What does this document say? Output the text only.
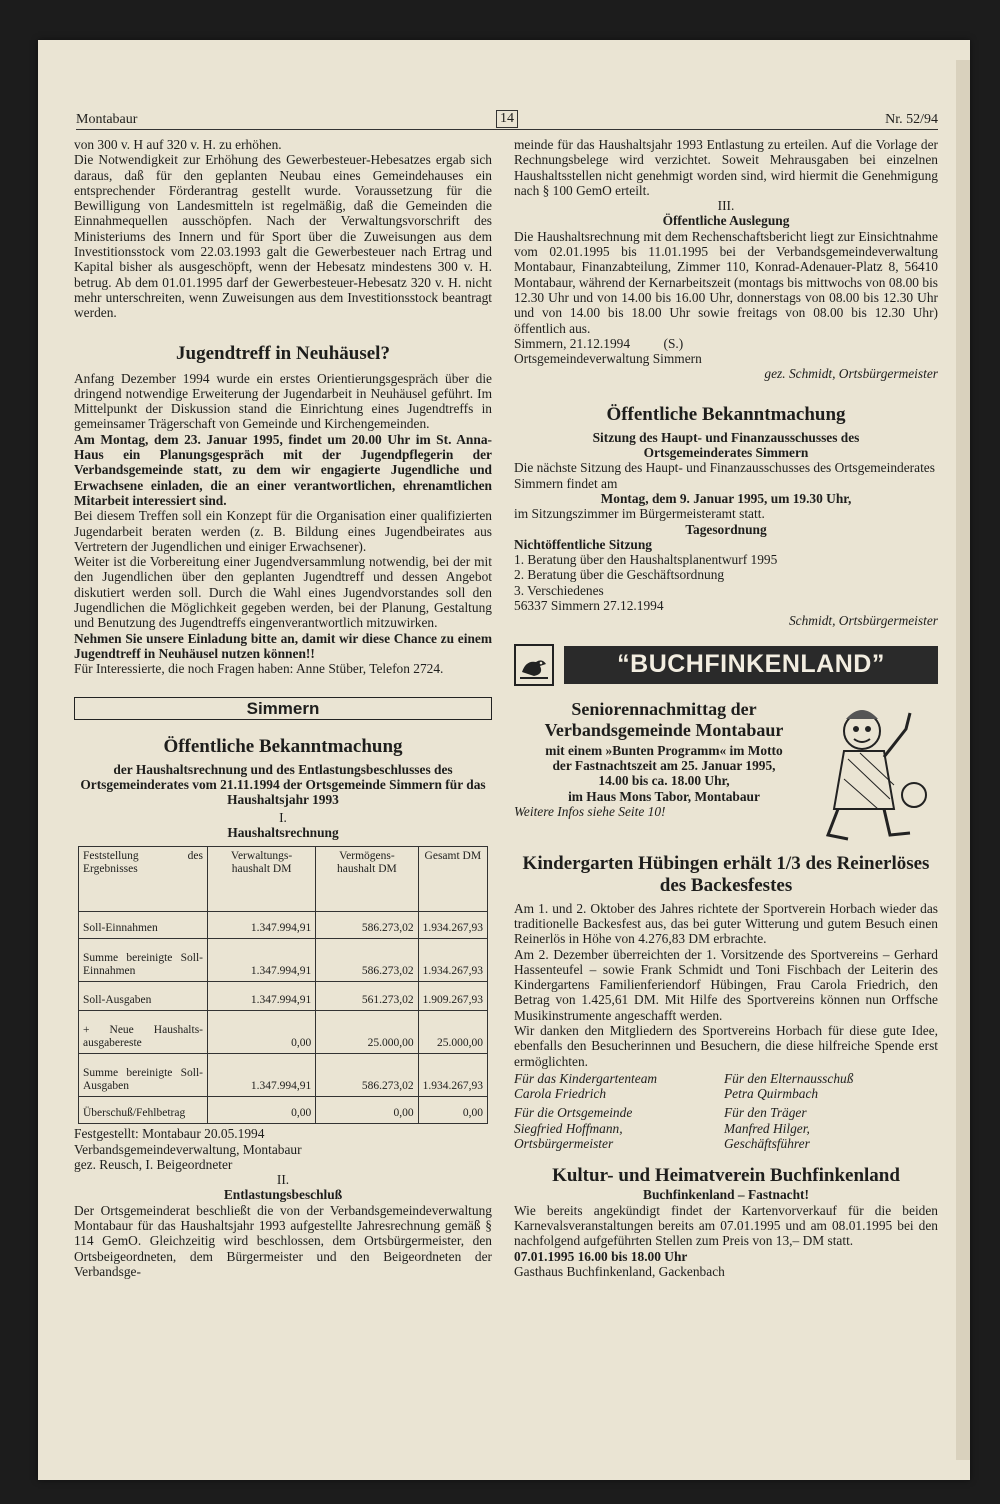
Montabaur	14	Nr. 52/94

von 300 v. H auf 320 v. H. zu erhöhen.

Die Notwendigkeit zur Erhöhung des Gewerbesteuer-Hebesatzes ergab sich daraus, daß für den geplanten Neubau eines Gemeindehauses ein entsprechender Förderantrag gestellt wurde. Voraussetzung für die Bewilligung von Landesmitteln ist regelmäßig, daß die Gemeinden die Einnahmequellen ausschöpfen. Nach der Verwaltungsvorschrift des Ministeriums des Innern und für Sport über die Zuweisungen aus dem Investitionsstock vom 22.03.1993 galt die Gewerbesteuer nach Ertrag und Kapital bisher als ausgeschöpft, wenn der Hebesatz mindestens 300 v. H. betrug. Ab dem 01.01.1995 darf der Gewerbesteuer-Hebesatz 320 v. H. nicht mehr unterschreiten, wenn Zuweisungen aus dem Investitionsstock beantragt werden.

Jugendtreff in Neuhäusel?

Anfang Dezember 1994 wurde ein erstes Orientierungsgespräch über die dringend notwendige Erweiterung der Jugendarbeit in Neuhäusel geführt. Im Mittelpunkt der Diskussion stand die Einrichtung eines Jugendtreffs in gemeinsamer Trägerschaft von Gemeinde und Kirchengemeinden.

Am Montag, dem 23. Januar 1995, findet um 20.00 Uhr im St. Anna-Haus ein Planungsgespräch mit der Jugendpflegerin der Verbandsgemeinde statt, zu dem wir engagierte Jugendliche und Erwachsene einladen, die an einer verantwortlichen, ehrenamtlichen Mitarbeit interessiert sind.

Bei diesem Treffen soll ein Konzept für die Organisation einer qualifizierten Jugendarbeit beraten werden (z. B. Bildung eines Jugendbeirates aus Vertretern der Jugendlichen und einiger Erwachsener).

Weiter ist die Vorbereitung einer Jugendversammlung notwendig, bei der mit den Jugendlichen über den geplanten Jugendtreff und dessen Angebot diskutiert werden soll. Durch die Wahl eines Jugendvorstandes soll den Jugendlichen die Möglichkeit gegeben werden, bei der Planung, Gestaltung und Benutzung des Jugendtreffs eingenverantwortlich mitzuwirken.

Nehmen Sie unsere Einladung bitte an, damit wir diese Chance zu einem Jugendtreff in Neuhäusel nutzen können!!

Für Interessierte, die noch Fragen haben: Anne Stüber, Telefon 2724.

Simmern
Öffentliche Bekanntmachung
der Haushaltsrechnung und des Entlastungsbeschlusses des Ortsgemeinderates vom 21.11.1994 der Ortsgemeinde Simmern für das Haushaltsjahr 1993
I.
Haushaltsrechnung
Feststellung des Ergebnisses	Verwaltungs-haushalt DM	Vermögens-haushalt DM	Gesamt DM
Soll-Einnahmen	1.347.994,91	586.273,02	1.934.267,93
Summe bereinigte Soll-Einnahmen	1.347.994,91	586.273,02	1.934.267,93
Soll-Ausgaben	1.347.994,91	561.273,02	1.909.267,93
+ Neue Haushalts-ausgabereste	0,00	25.000,00	25.000,00
Summe bereinigte Soll-Ausgaben	1.347.994,91	586.273,02	1.934.267,93
Überschuß/Fehlbetrag	0,00	0,00	0,00

Festgestellt: Montabaur 20.05.1994

Verbandsgemeindeverwaltung, Montabaur

gez. Reusch, I. Beigeordneter

II.
Entlastungsbeschluß

Der Ortsgemeinderat beschließt die von der Verbandsgemeindeverwaltung Montabaur für das Haushaltsjahr 1993 aufgestellte Jahresrechnung gemäß § 114 GemO. Gleichzeitig wird beschlossen, dem Ortsbürgermeister, den Ortsbeigeordneten, dem Bürgermeister und den Beigeordneten der Verbandsge-

meinde für das Haushaltsjahr 1993 Entlastung zu erteilen. Auf die Vorlage der Rechnungsbelege wird verzichtet. Soweit Mehrausgaben bei einzelnen Haushaltsstellen nicht genehmigt worden sind, wird hiermit die Genehmigung nach § 100 GemO erteilt.

III.
Öffentliche Auslegung

Die Haushaltsrechnung mit dem Rechenschaftsbericht liegt zur Einsichtnahme vom 02.01.1995 bis 11.01.1995 bei der Verbandsgemeindeverwaltung Montabaur, Finanzabteilung, Zimmer 110, Konrad-Adenauer-Platz 8, 56410 Montabaur, während der Kernarbeitszeit (montags bis mittwochs von 08.00 bis 12.30 Uhr und von 14.00 bis 16.00 Uhr, donnerstags von 08.00 bis 12.30 Uhr und von 14.00 bis 18.00 Uhr sowie freitags von 08.00 bis 12.30 Uhr) öffentlich aus.

Simmern, 21.12.1994          (S.)

Ortsgemeindeverwaltung Simmern

gez. Schmidt, Ortsbürgermeister

Öffentliche Bekanntmachung
Sitzung des Haupt- und Finanzausschusses des Ortsgemeinderates Simmern

Die nächste Sitzung des Haupt- und Finanzausschusses des Ortsgemeinderates Simmern findet am

Montag, dem 9. Januar 1995, um 19.30 Uhr,

im Sitzungszimmer im Bürgermeisteramt statt.

Tagesordnung
Nichtöffentliche Sitzung
1. Beratung über den Haushaltsplanentwurf 1995
2. Beratung über die Geschäftsordnung
3. Verschiedenes
56337 Simmern 27.12.1994

Schmidt, Ortsbürgermeister

“BUCHFINKENLAND”
Seniorennachmittag der
Verbandsgemeinde Montabaur
mit einem »Bunten Programm« im Motto
der Fastnachtszeit am 25. Januar 1995,
14.00 bis ca. 18.00 Uhr,
im Haus Mons Tabor, Montabaur
Weitere Infos siehe Seite 10!
Kindergarten Hübingen erhält 1/3 des Reinerlöses des Backesfestes

Am 1. und 2. Oktober des Jahres richtete der Sportverein Horbach wieder das traditionelle Backesfest aus, das bei guter Witterung und gutem Besuch einen Reinerlös in Höhe von 4.276,83 DM erbrachte.

Am 2. Dezember überreichten der 1. Vorsitzende des Sportvereins – Gerhard Hassenteufel – sowie Frank Schmidt und Toni Fischbach der Leiterin des Kindergartens Familienferiendorf Hübingen, Frau Carola Friedrich, den Betrag von 1.425,61 DM. Mit Hilfe des Sportvereins können nun Orffsche Musikinstrumente angeschafft werden.

Wir danken den Mitgliedern des Sportvereins Horbach für diese gute Idee, ebenfalls den Besucherinnen und Besuchern, die diese hilfreiche Spende erst ermöglichten.

Für das Kindergartenteam
Carola Friedrich
Für den Elternausschuß
Petra Quirmbach
Für die Ortsgemeinde
Siegfried Hoffmann,
Ortsbürgermeister
Für den Träger
Manfred Hilger,
Geschäftsführer
Kultur- und Heimatverein Buchfinkenland
Buchfinkenland – Fastnacht!

Wie bereits angekündigt findet der Kartenvorverkauf für die beiden Karnevalsveranstaltungen bereits am 07.01.1995 und am 08.01.1995 bei den nachfolgend aufgeführten Stellen zum Preis von 13,– DM statt.

07.01.1995 16.00 bis 18.00 Uhr
Gasthaus Buchfinkenland, Gackenbach
